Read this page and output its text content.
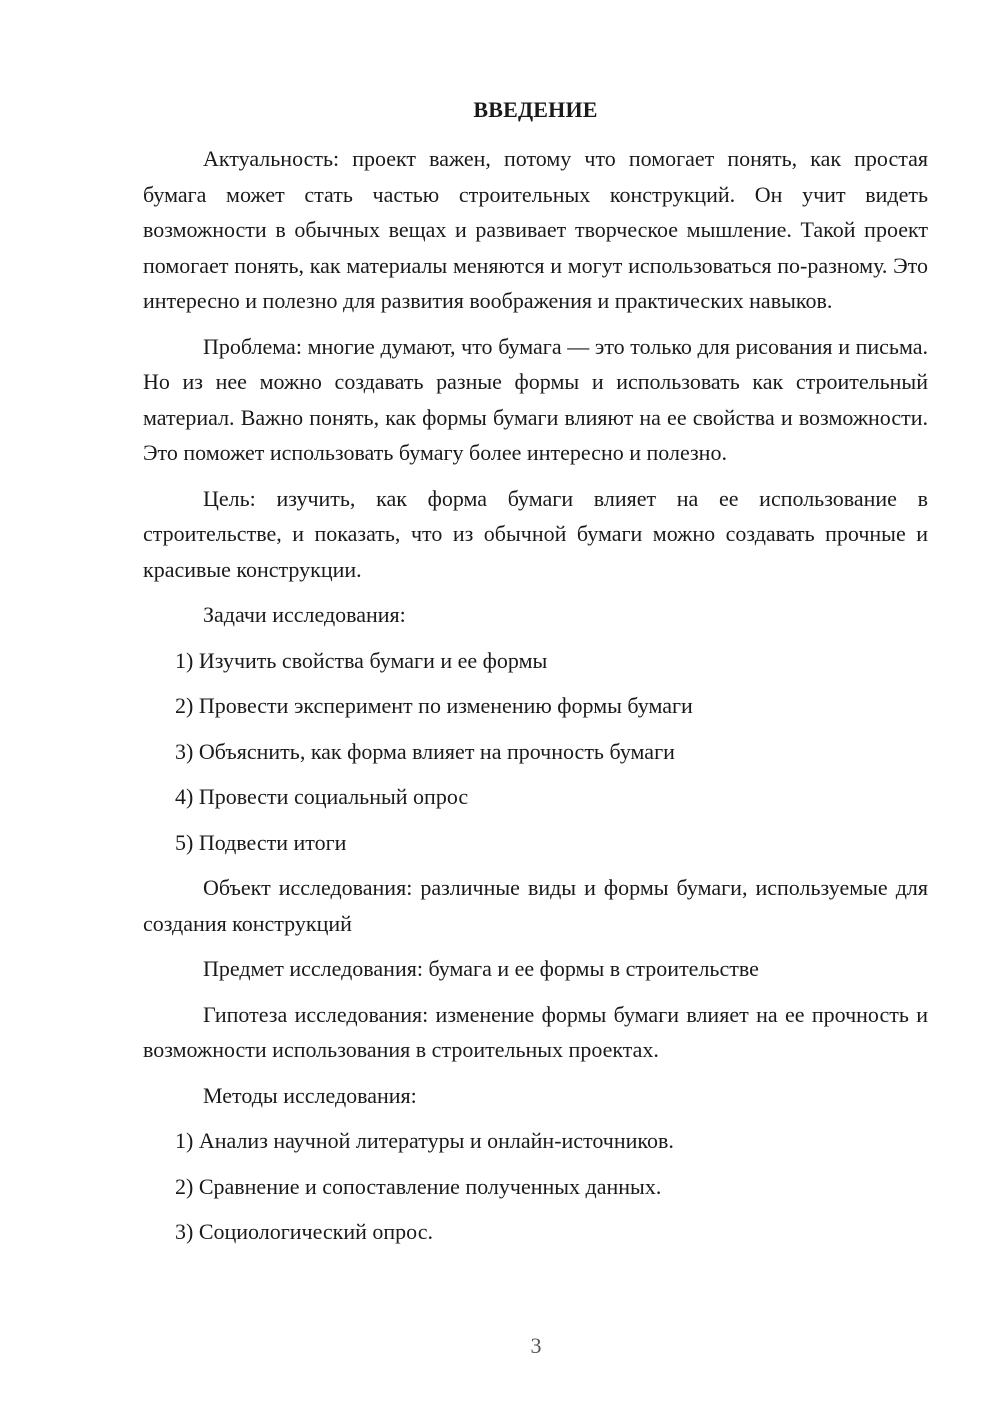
ВВЕДЕНИЕ

Актуальность: проект важен, потому что помогает понять, как простая бумага может стать частью строительных конструкций. Он учит видеть возможности в обычных вещах и развивает творческое мышление. Такой проект помогает понять, как материалы меняются и могут использоваться по-разному. Это интересно и полезно для развития воображения и практических навыков.

Проблема: многие думают, что бумага — это только для рисования и письма. Но из нее можно создавать разные формы и использовать как строительный материал. Важно понять, как формы бумаги влияют на ее свойства и возможности. Это поможет использовать бумагу более интересно и полезно.

Цель: изучить, как форма бумаги влияет на ее использование в строительстве, и показать, что из обычной бумаги можно создавать прочные и красивые конструкции.

Задачи исследования:

1) Изучить свойства бумаги и ее формы

2) Провести эксперимент по изменению формы бумаги

3) Объяснить, как форма влияет на прочность бумаги

4) Провести социальный опрос

5) Подвести итоги

Объект исследования: различные виды и формы бумаги, используемые для создания конструкций

Предмет исследования: бумага и ее формы в строительстве

Гипотеза исследования: изменение формы бумаги влияет на ее прочность и возможности использования в строительных проектах.

Методы исследования:

1) Анализ научной литературы и онлайн-источников.

2) Сравнение и сопоставление полученных данных.

3) Социологический опрос.

3
